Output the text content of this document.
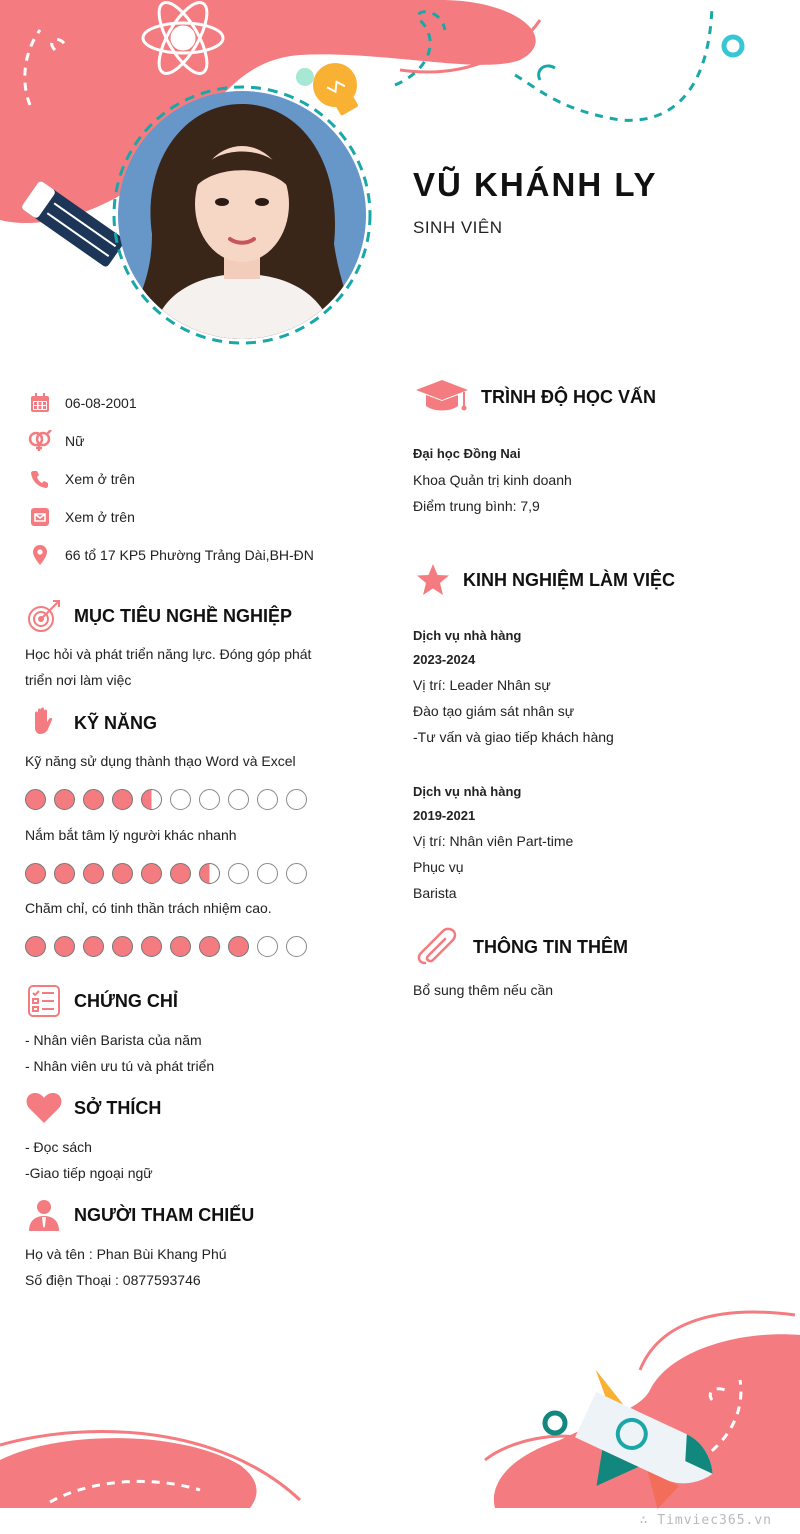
VŨ KHÁNH LY
SINH VIÊN
06-08-2001
Nữ
Xem ở trên
Xem ở trên
66 tổ 17 KP5 Phường Trảng Dài,BH-ĐN
MỤC TIÊU NGHỀ NGHIỆP
Học hỏi và phát triển năng lực. Đóng góp phát
triển nơi làm việc
KỸ NĂNG
Kỹ năng sử dụng thành thạo Word và Excel
Nắm bắt tâm lý người khác nhanh
Chăm chỉ, có tinh thần trách nhiệm cao.
CHỨNG CHỈ
- Nhân viên Barista của năm
- Nhân viên ưu tú và phát triển
SỞ THÍCH
- Đọc sách
-Giao tiếp ngoại ngữ
NGƯỜI THAM CHIẾU
Họ và tên : Phan Bùi Khang Phú
Số điện Thoại : 0877593746
TRÌNH ĐỘ HỌC VẤN
Đại học Đồng Nai
Khoa Quản trị kinh doanh
Điểm trung bình: 7,9
KINH NGHIỆM LÀM VIỆC
Dịch vụ nhà hàng
2023-2024
Vị trí: Leader Nhân sự
Đào tạo giám sát nhân sự
-Tư vấn và giao tiếp khách hàng
Dịch vụ nhà hàng
2019-2021
Vị trí: Nhân viên Part-time
Phục vụ
Barista
THÔNG TIN THÊM
Bổ sung thêm nếu cần
∴ Timviec365.vn
